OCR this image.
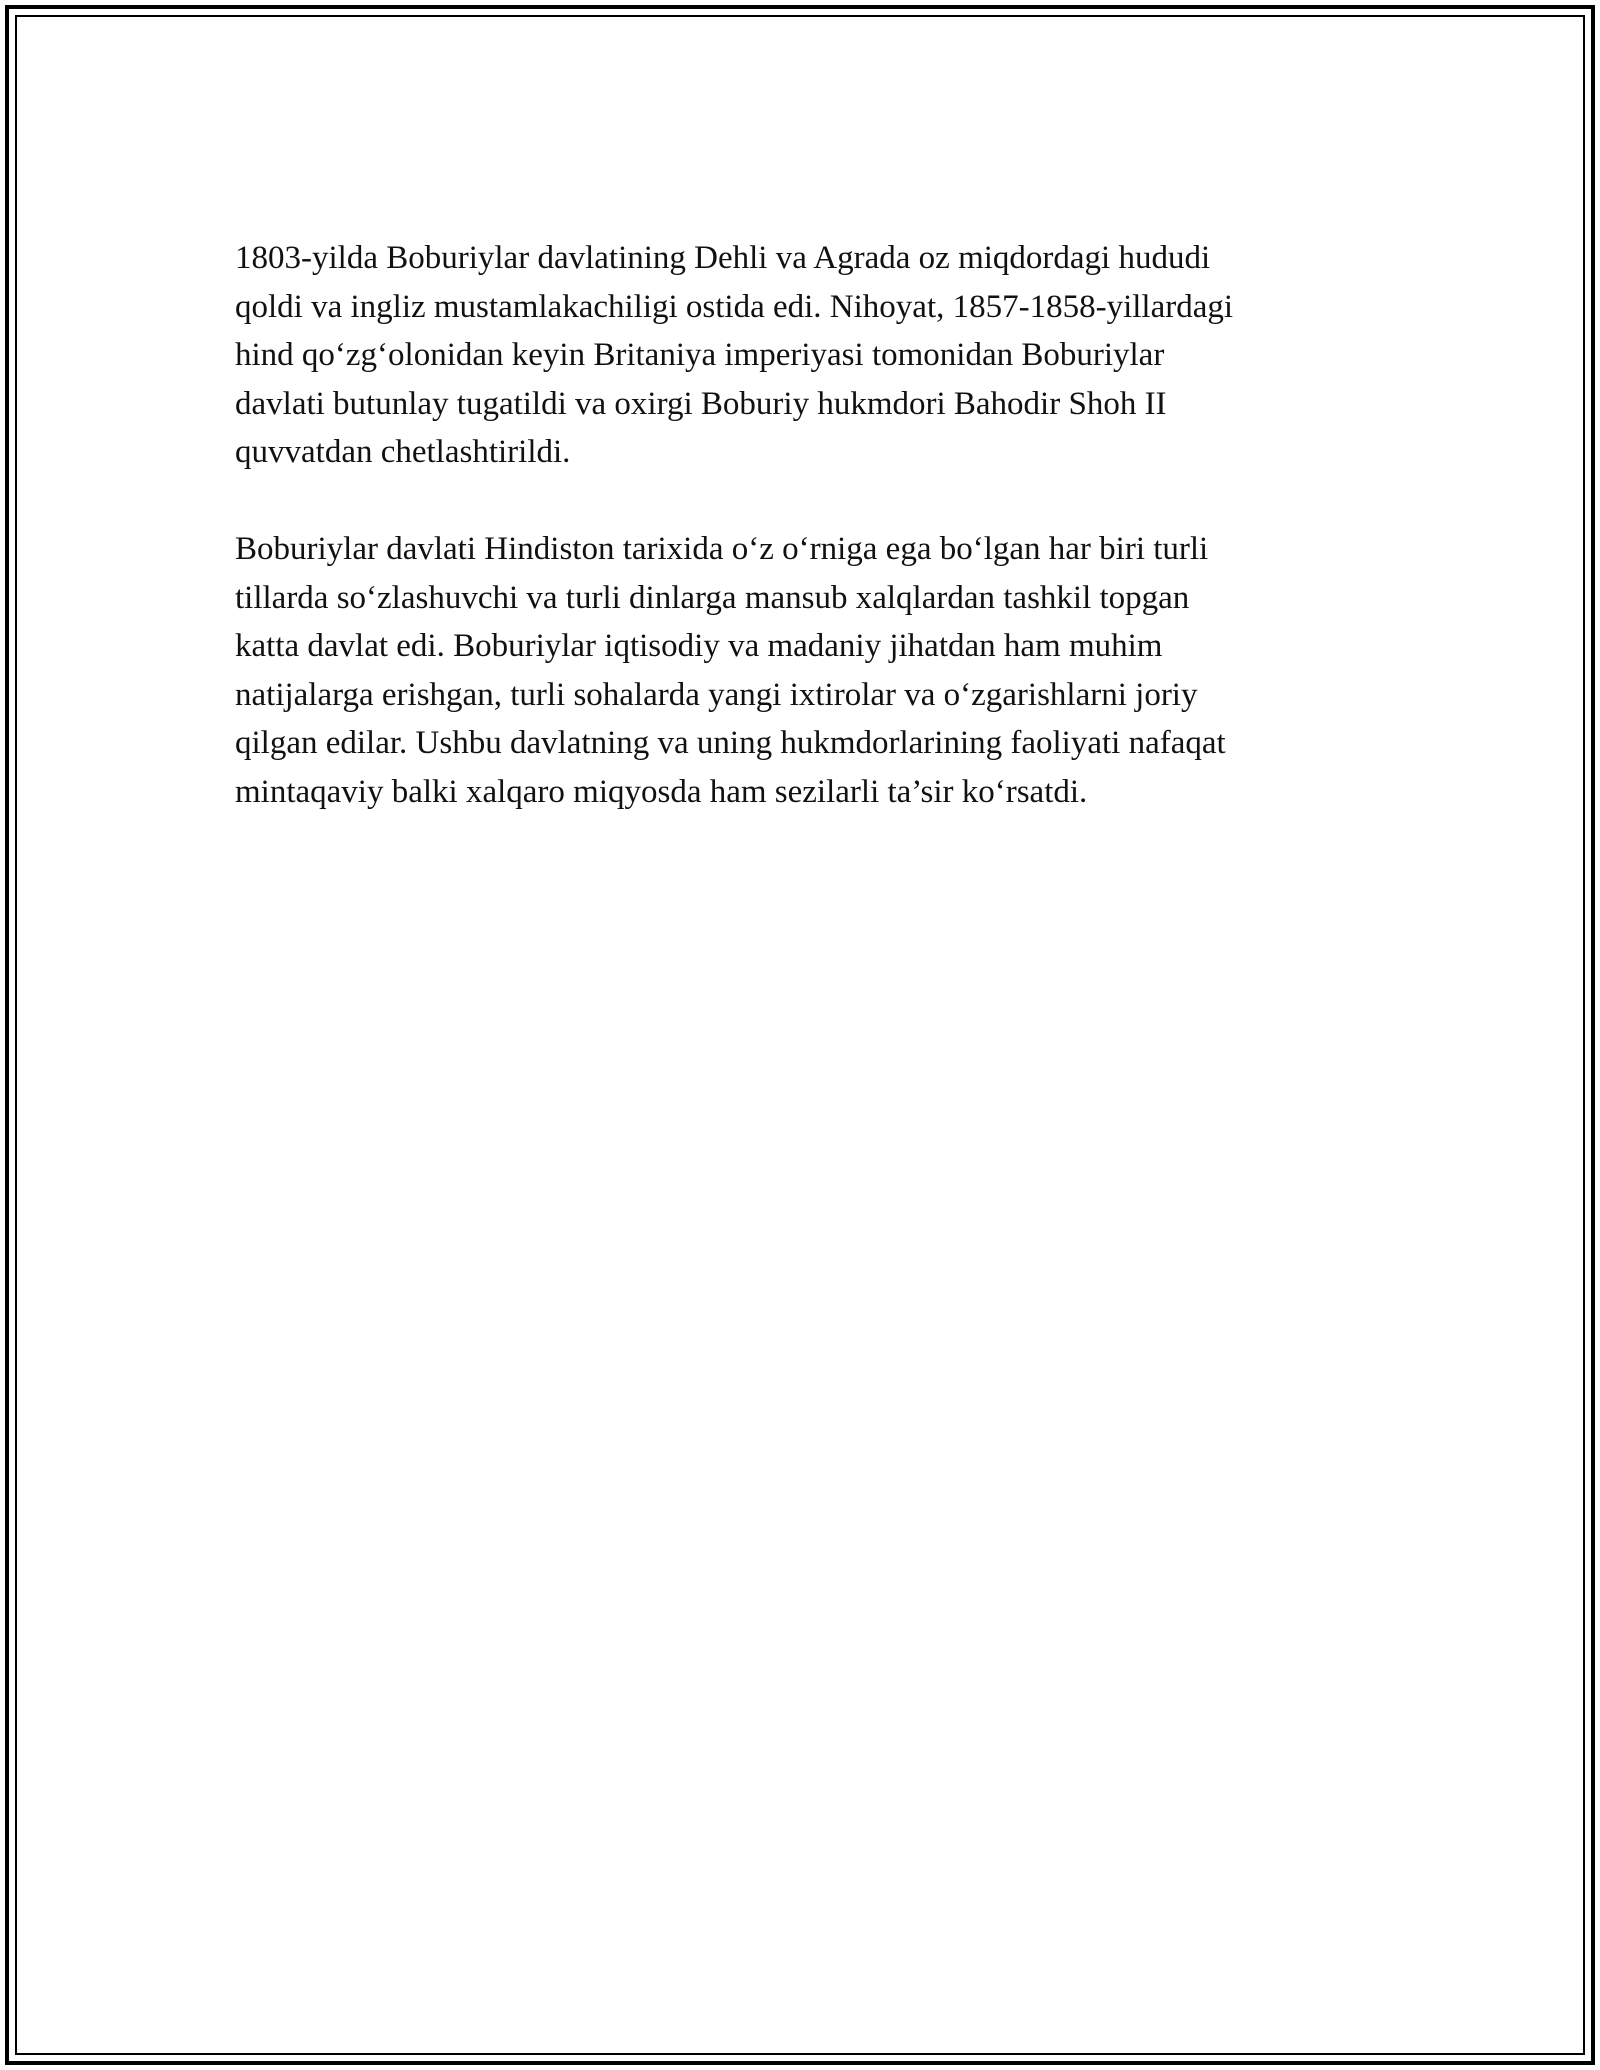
1803-yilda Boburiylar davlatining Dehli va Agrada oz miqdordagi hududi
qoldi va ingliz mustamlakachiligi ostida edi. Nihoyat, 1857-1858-yillardagi
hind qo‘zg‘olonidan keyin Britaniya imperiyasi tomonidan Boburiylar
davlati butunlay tugatildi va oxirgi Boburiy hukmdori Bahodir Shoh II
quvvatdan chetlashtirildi.

Boburiylar davlati Hindiston tarixida o‘z o‘rniga ega bo‘lgan har biri turli
tillarda so‘zlashuvchi va turli dinlarga mansub xalqlardan tashkil topgan
katta davlat edi. Boburiylar iqtisodiy va madaniy jihatdan ham muhim
natijalarga erishgan, turli sohalarda yangi ixtirolar va o‘zgarishlarni joriy
qilgan edilar. Ushbu davlatning va uning hukmdorlarining faoliyati nafaqat
mintaqaviy balki xalqaro miqyosda ham sezilarli ta’sir ko‘rsatdi.
